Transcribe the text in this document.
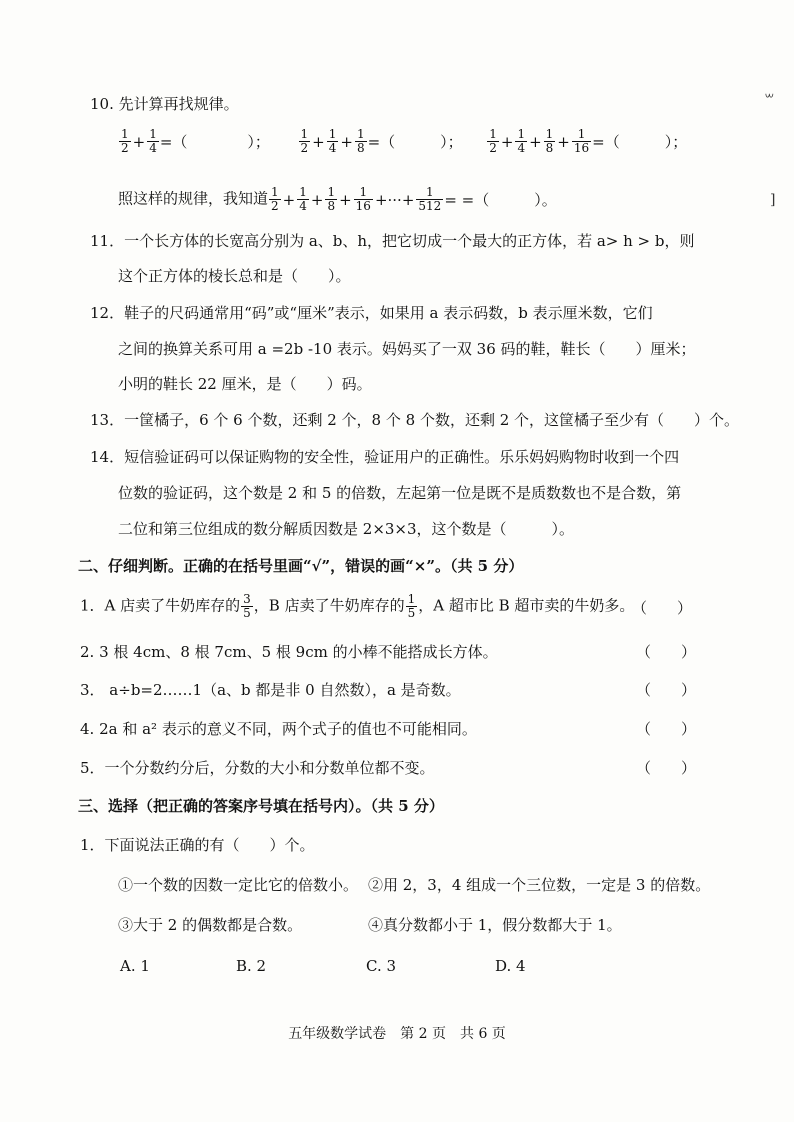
10. 先计算再找规律。
$\frac{1}{2} + \frac{1}{4}$ =（　　　　）； $\frac{1}{2} + \frac{1}{4} + \frac{1}{8}$ =（　　　）； $\frac{1}{2} + \frac{1}{4} + \frac{1}{8} + \frac{1}{16}$ =（　　　）；
照这样的规律，我知道 $\frac{1}{2} + \frac{1}{4} + \frac{1}{8} + \frac{1}{16}$ +···+ $\frac{1}{512}$ = =（　　　）。
11．一个长方体的长宽高分别为 a、b、h，把它切成一个最大的正方体，若 a> h > b，则
这个正方体的棱长总和是（　　）。
12．鞋子的尺码通常用“码”或“厘米”表示，如果用 a 表示码数，b 表示厘米数，它们
之间的换算关系可用 a =2b -10 表示。妈妈买了一双 36 码的鞋，鞋长（　　）厘米；
小明的鞋长 22 厘米，是（　　）码。
13．一筐橘子，6 个 6 个数，还剩 2 个，8 个 8 个数，还剩 2 个，这筐橘子至少有（　　）个。
14．短信验证码可以保证购物的安全性，验证用户的正确性。乐乐妈妈购物时收到一个四
位数的验证码，这个数是 2 和 5 的倍数，左起第一位是既不是质数数也不是合数，第
二位和第三位组成的数分解质因数是 2×3×3，这个数是（　　　）。
二、仔细判断。正确的在括号里画“√”，错误的画“×”。（共 5 分）
1．A 店卖了牛奶库存的 $\frac{3}{5}$ ，B 店卖了牛奶库存的 $\frac{1}{5}$ ，A 超市比 B 超市卖的牛奶多。
（　　）
2. 3 根 4cm、8 根 7cm、5 根 9cm 的小棒不能搭成长方体。	（　　）
3． a÷b=2……1（a、b 都是非 0 自然数），a 是奇数。	（　　）
4. 2a 和 a² 表示的意义不同，两个式子的值也不可能相同。	（　　）
5．一个分数约分后，分数的大小和分数单位都不变。	（　　）
三、选择（把正确的答案序号填在括号内）。（共 5 分）
1．下面说法正确的有（　　）个。
①一个数的因数一定比它的倍数小。 ②用 2，3，4 组成一个三位数，一定是 3 的倍数。
③大于 2 的偶数都是合数。	④真分数都小于 1，假分数都大于 1。
A. 1	B. 2	C. 3	D. 4
五年级数学试卷　第 2 页　共 6 页
꒳
]
